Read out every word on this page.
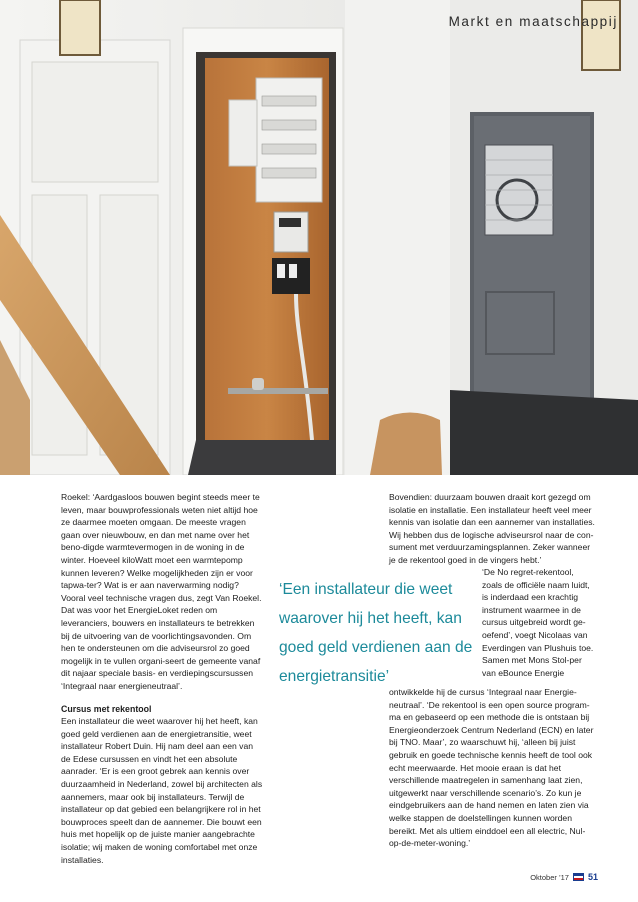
Markt en maatschappij

Roekel: ‘Aardgasloos bouwen begint steeds meer te leven, maar bouwprofessionals weten niet altijd hoe ze daarmee moeten omgaan. De meeste vragen gaan over nieuwbouw, en dan met name over het beno-digde warmtevermogen in de woning in de winter. Hoeveel kiloWatt moet een warmtepomp kunnen leveren? Welke mogelijkheden zijn er voor tapwa-ter? Wat is er aan naverwarming nodig? Vooral veel technische vragen dus, zegt Van Roekel. Dat was voor het EnergieLoket reden om leveranciers, bouwers en installateurs te betrekken bij de uitvoering van de voorlichtingsavonden. Om hen te ondersteunen om die adviseursrol zo goed mogelijk in te vullen organi-seert de gemeente vanaf dit najaar speciale basis- en verdiepingscursussen ‘Integraal naar energieneutraal’.

Cursus met rekentool

Een installateur die weet waarover hij het heeft, kan goed geld verdienen aan de energietransitie, weet installateur Robert Duin. Hij nam deel aan een van de Edese cursussen en vindt het een absolute aanrader. ‘Er is een groot gebrek aan kennis over duurzaamheid in Nederland, zowel bij architecten als aannemers, maar ook bij installateurs. Terwijl de installateur op dat gebied een belangrijkere rol in het bouwproces speelt dan de aannemer. Die bouwt een huis met hopelijk op de juiste manier aangebrachte isolatie; wij maken de woning comfortabel met onze installaties.

‘Een installateur die weet waarover hij het heeft, kan goed geld verdienen aan de energietransitie’

Bovendien: duurzaam bouwen draait kort gezegd om isolatie en installatie. Een installateur heeft veel meer kennis van isolatie dan een aannemer van installaties. Wij hebben dus de logische adviseursrol naar de con-sument met verduurzamingsplannen. Zeker wanneer je de rekentool goed in de vingers hebt.’

‘De No regret-rekentool, zoals de officiële naam luidt, is inderdaad een krachtig instrument waarmee in de cursus uitgebreid wordt ge-oefend’, voegt Nicolaas van Everdingen van Plushuis toe. Samen met Mons Stol-per van eBounce Energie
ontwikkelde hij de cursus ‘Integraal naar Energie-neutraal’. ‘De rekentool is een open source program-ma en gebaseerd op een methode die is ontstaan bij Energieonderzoek Centrum Nederland (ECN) en later bij TNO. Maar’, zo waarschuwt hij, ‘alleen bij juist gebruik en goede technische kennis heeft de tool ook echt meerwaarde. Het mooie eraan is dat het verschillende maatregelen in samenhang laat zien, uitgewerkt naar verschillende scenario’s. Zo kun je eindgebruikers aan de hand nemen en laten zien via welke stappen de doelstellingen kunnen worden bereikt. Met als ultiem einddoel een all electric, Nul-op-de-meter-woning.’
Oktober ’17 51
